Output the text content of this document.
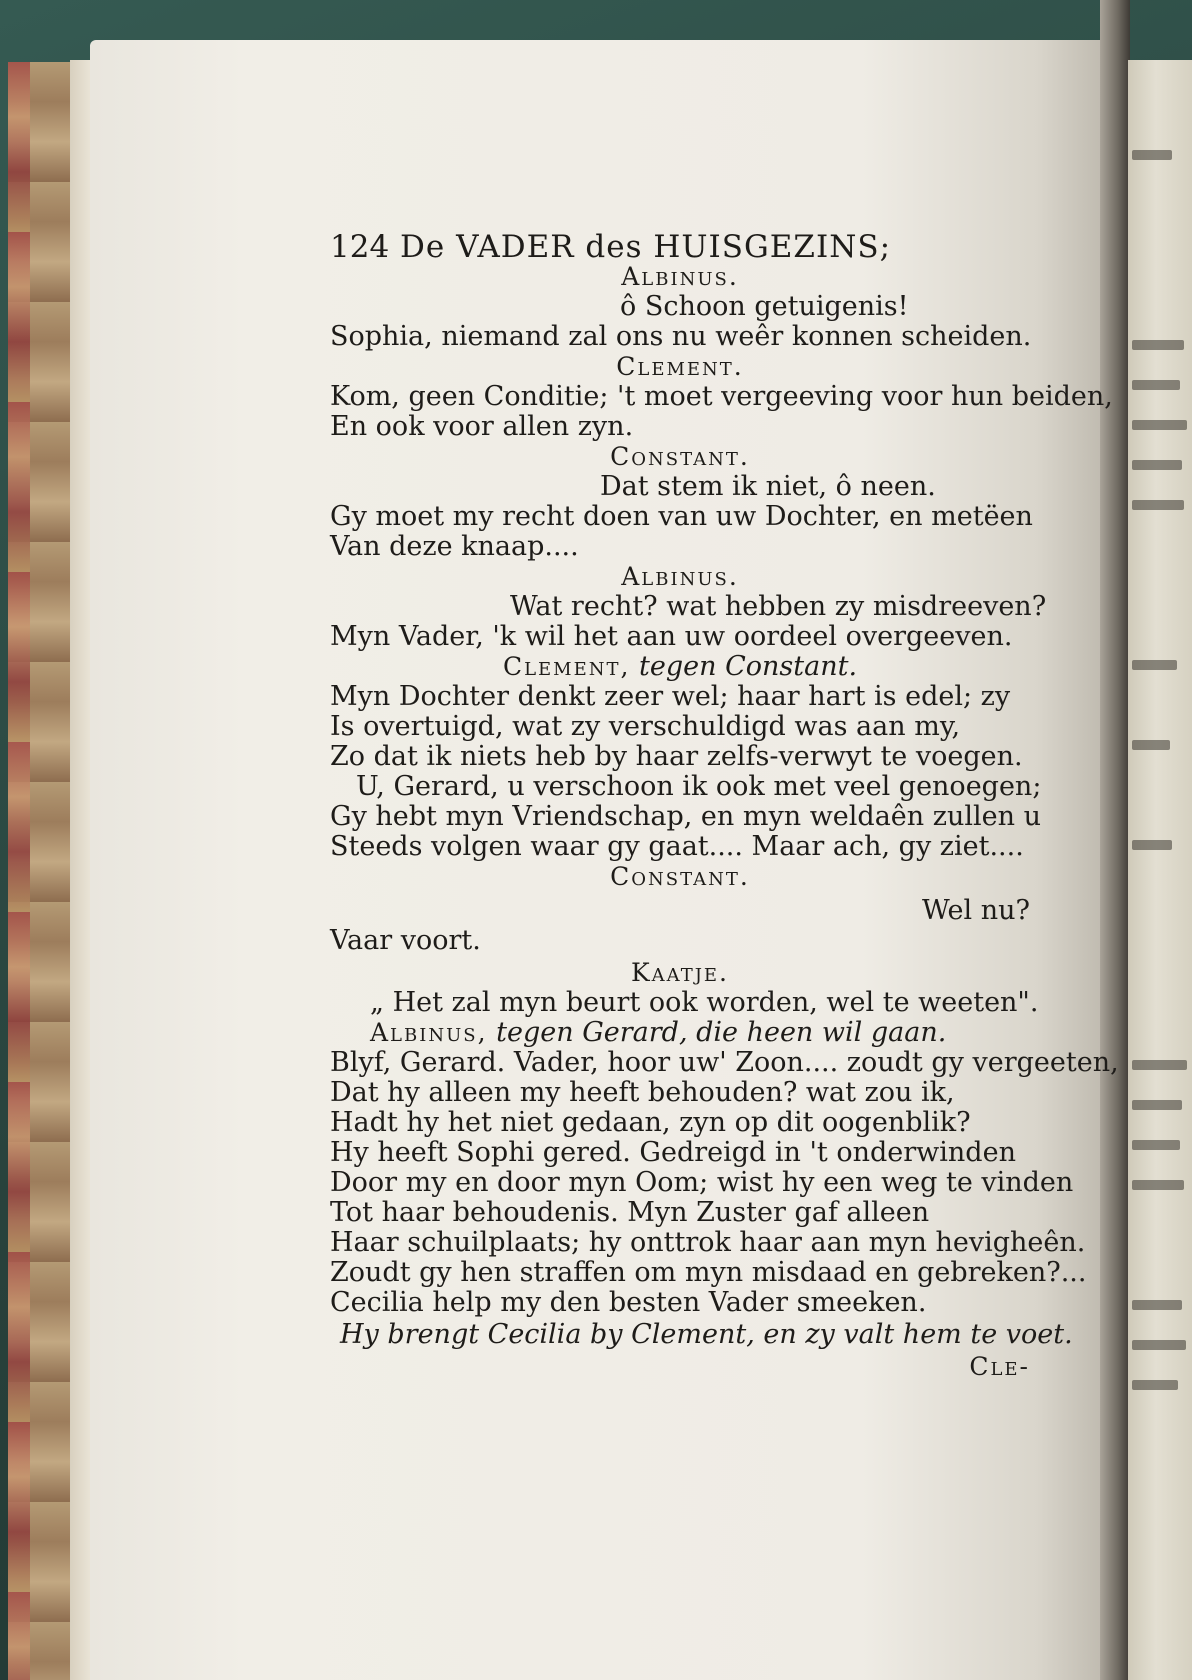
124 De VADER des HUISGEZINS;
Albinus.
ô Schoon getuigenis!
Sophia, niemand zal ons nu weêr konnen scheiden.
Clement.
Kom, geen Conditie; 't moet vergeeving voor hun beiden,
En ook voor allen zyn.
Constant.
Dat stem ik niet, ô neen.
Gy moet my recht doen van uw Dochter, en metëen
Van deze knaap....
Albinus.
Wat recht? wat hebben zy misdreeven?
Myn Vader, 'k wil het aan uw oordeel overgeeven.
Clement, tegen Constant.
Myn Dochter denkt zeer wel; haar hart is edel; zy
Is overtuigd, wat zy verschuldigd was aan my,
Zo dat ik niets heb by haar zelfs-verwyt te voegen.
U, Gerard, u verschoon ik ook met veel genoegen;
Gy hebt myn Vriendschap, en myn weldaên zullen u
Steeds volgen waar gy gaat.... Maar ach, gy ziet....
Constant.
Wel nu?
Vaar voort.
Kaatje.
„ Het zal myn beurt ook worden, wel te weeten".
Albinus, tegen Gerard, die heen wil gaan.
Blyf, Gerard. Vader, hoor uw' Zoon.... zoudt gy vergeeten,
Dat hy alleen my heeft behouden? wat zou ik,
Hadt hy het niet gedaan, zyn op dit oogenblik?
Hy heeft Sophi gered. Gedreigd in 't onderwinden
Door my en door myn Oom; wist hy een weg te vinden
Tot haar behoudenis. Myn Zuster gaf alleen
Haar schuilplaats; hy onttrok haar aan myn hevigheên.
Zoudt gy hen straffen om myn misdaad en gebreken?...
Cecilia help my den besten Vader smeeken.
Hy brengt Cecilia by Clement, en zy valt hem te voet.
Cle-
